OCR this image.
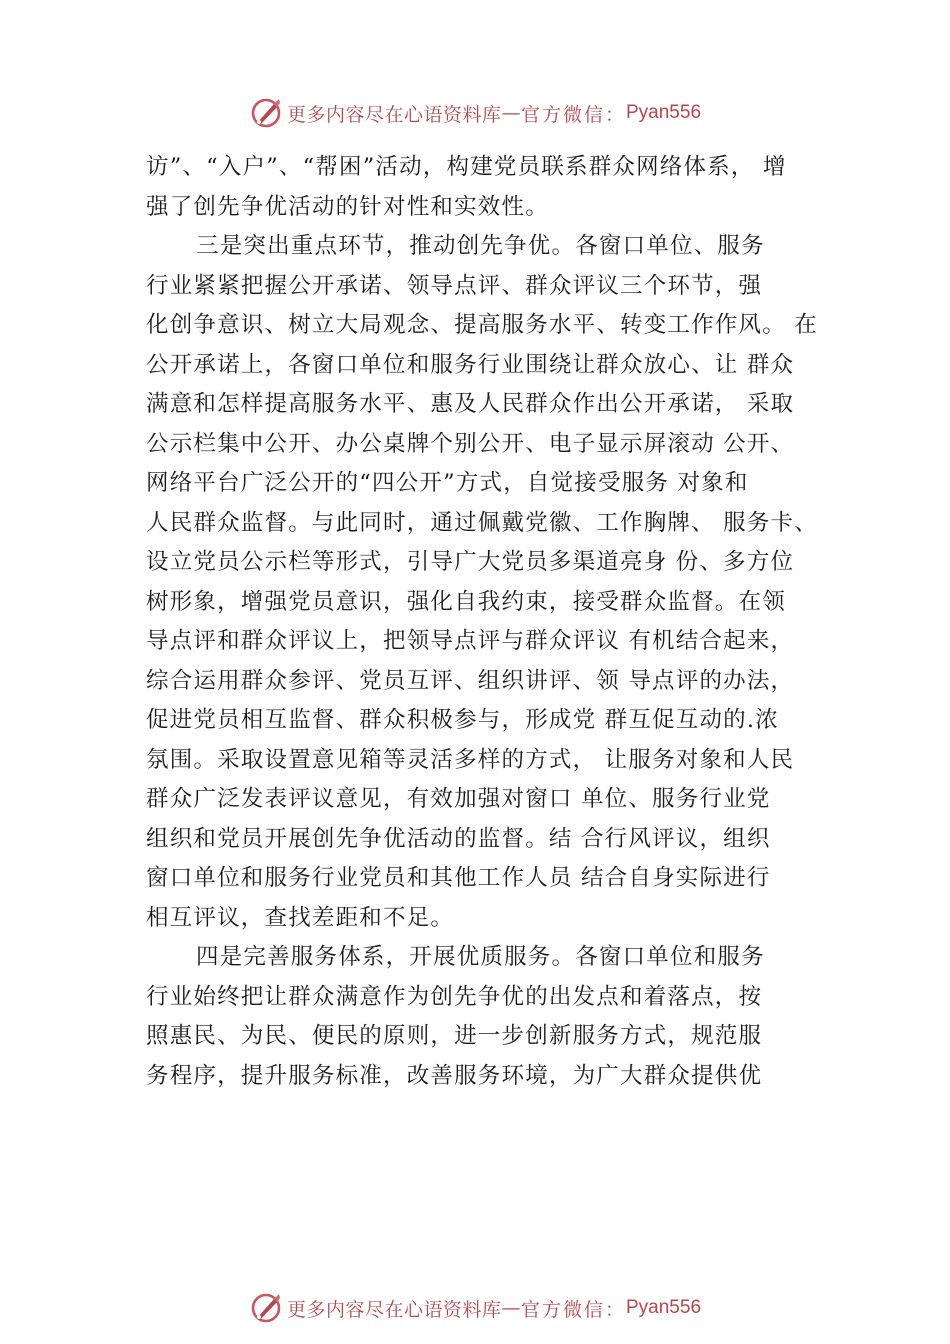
更多内容尽在心语资料库 — 官方微信： Pyan556
访”、“入户”、“帮困”活动，构建党员联系群众网络体系， 增
强了创先争优活动的针对性和实效性。
三是突出重点环节，推动创先争优。各窗口单位、服务
行业紧紧把握公开承诺、领导点评、群众评议三个环节，强
化创争意识、树立大局观念、提高服务水平、转变工作作风。 在
公开承诺上，各窗口单位和服务行业围绕让群众放心、让 群众
满意和怎样提高服务水平、惠及人民群众作出公开承诺， 采取
公示栏集中公开、办公桌牌个别公开、电子显示屏滚动 公开、
网络平台广泛公开的“四公开”方式，自觉接受服务 对象和
人民群众监督。与此同时，通过佩戴党徽、工作胸牌、 服务卡、
设立党员公示栏等形式，引导广大党员多渠道亮身 份、多方位
树形象，增强党员意识，强化自我约束，接受群众监督。在领
导点评和群众评议上，把领导点评与群众评议 有机结合起来，
综合运用群众参评、党员互评、组织讲评、领 导点评的办法，
促进党员相互监督、群众积极参与，形成党 群互促互动的.浓
氛围。采取设置意见箱等灵活多样的方式， 让服务对象和人民
群众广泛发表评议意见，有效加强对窗口 单位、服务行业党
组织和党员开展创先争优活动的监督。结 合行风评议，组织
窗口单位和服务行业党员和其他工作人员 结合自身实际进行
相互评议，查找差距和不足。
四是完善服务体系，开展优质服务。各窗口单位和服务
行业始终把让群众满意作为创先争优的出发点和着落点，按
照惠民、为民、便民的原则，进一步创新服务方式，规范服
务程序，提升服务标准，改善服务环境，为广大群众提供优
更多内容尽在心语资料库 — 官方微信： Pyan556
